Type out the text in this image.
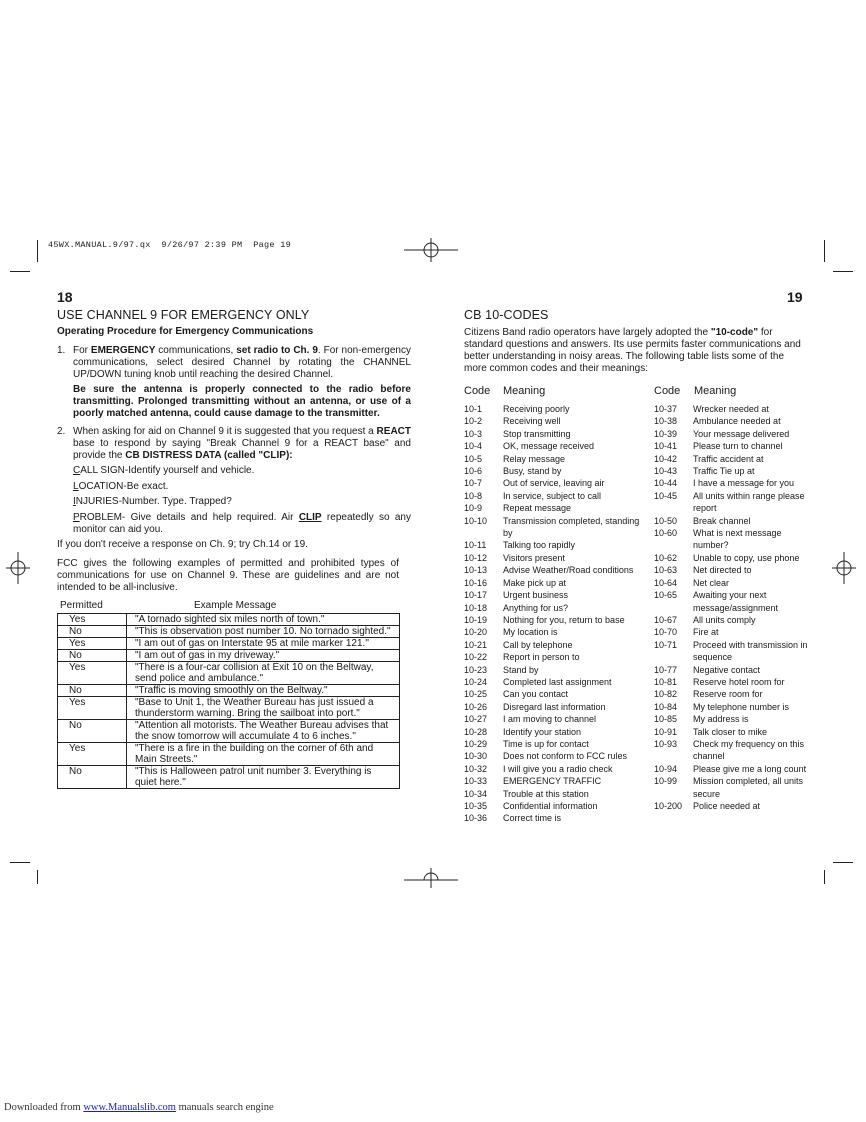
45WX.MANUAL.9/97.qx  9/26/97 2:39 PM  Page 19
18
USE CHANNEL 9 FOR EMERGENCY ONLY
Operating Procedure for Emergency Communications
1. For EMERGENCY communications, set radio to Ch. 9. For non-emergency communications, select desired Channel by rotating the CHANNEL UP/DOWN tuning knob until reaching the desired Channel.
Be sure the antenna is properly connected to the radio before transmitting. Prolonged transmitting without an antenna, or use of a poorly matched antenna, could cause damage to the transmitter.
2. When asking for aid on Channel 9 it is suggested that you request a REACT base to respond by saying "Break Channel 9 for a REACT base" and provide the CB DISTRESS DATA (called "CLIP):
CALL SIGN-Identify yourself and vehicle.
LOCATION-Be exact.
INJURIES-Number. Type. Trapped?
PROBLEM- Give details and help required. Air CLIP repeatedly so any monitor can aid you.
If you don't receive a response on Ch. 9; try Ch.14 or 19.
FCC gives the following examples of permitted and prohibited types of communications for use on Channel 9. These are guidelines and are not intended to be all-inclusive.
Permitted	Example Message
Yes	"A tornado sighted six miles north of town."
No	"This is observation post number 10. No tornado sighted."
Yes	"I am out of gas on Interstate 95 at mile marker 121."
No	"I am out of gas in my driveway."
Yes	"There is a four-car collision at Exit 10 on the Beltway, send police and ambulance."
No	"Traffic is moving smoothly on the Beltway."
Yes	"Base to Unit 1, the Weather Bureau has just issued a thunderstorm warning. Bring the sailboat into port."
No	"Attention all motorists. The Weather Bureau advises that the snow tomorrow will accumulate 4 to 6 inches."
Yes	"There is a fire in the building on the corner of 6th and Main Streets."
No	"This is Halloween patrol unit number 3. Everything is quiet here."
19
CB 10-CODES
Citizens Band radio operators have largely adopted the "10-code" for standard questions and answers. Its use permits faster communications and better understanding in noisy areas. The following table lists some of the more common codes and their meanings:
Code Meaning	Code Meaning
10-1	Receiving poorly
10-2	Receiving well
10-3	Stop transmitting
10-4	OK, message received
10-5	Relay message
10-6	Busy, stand by
10-7	Out of service, leaving air
10-8	In service, subject to call
10-9	Repeat message
10-10	Transmission completed, standing by
10-11	Talking too rapidly
10-12	Visitors present
10-13	Advise Weather/Road conditions
10-16	Make pick up at
10-17	Urgent business
10-18	Anything for us?
10-19	Nothing for you, return to base
10-20	My location is
10-21	Call by telephone
10-22	Report in person to
10-23	Stand by
10-24	Completed last assignment
10-25	Can you contact
10-26	Disregard last information
10-27	I am moving to channel
10-28	Identify your station
10-29	Time is up for contact
10-30	Does not conform to FCC rules
10-32	I will give you a radio check
10-33	EMERGENCY TRAFFIC
10-34	Trouble at this station
10-35	Confidential information
10-36	Correct time is
10-37	Wrecker needed at
10-38	Ambulance needed at
10-39	Your message delivered
10-41	Please turn to channel
10-42	Traffic accident at
10-43	Traffic Tie up at
10-44	I have a message for you
10-45	All units within range please report
10-50	Break channel
10-60	What is next message number?
10-62	Unable to copy, use phone
10-63	Net directed to
10-64	Net clear
10-65	Awaiting your next message/assignment
10-67	All units comply
10-70	Fire at
10-71	Proceed with transmission in sequence
10-77	Negative contact
10-81	Reserve hotel room for
10-82	Reserve room for
10-84	My telephone number is
10-85	My address is
10-91	Talk closer to mike
10-93	Check my frequency on this channel
10-94	Please give me a long count
10-99	Mission completed, all units secure
10-200	Police needed at
Downloaded from www.Manualslib.com manuals search engine
